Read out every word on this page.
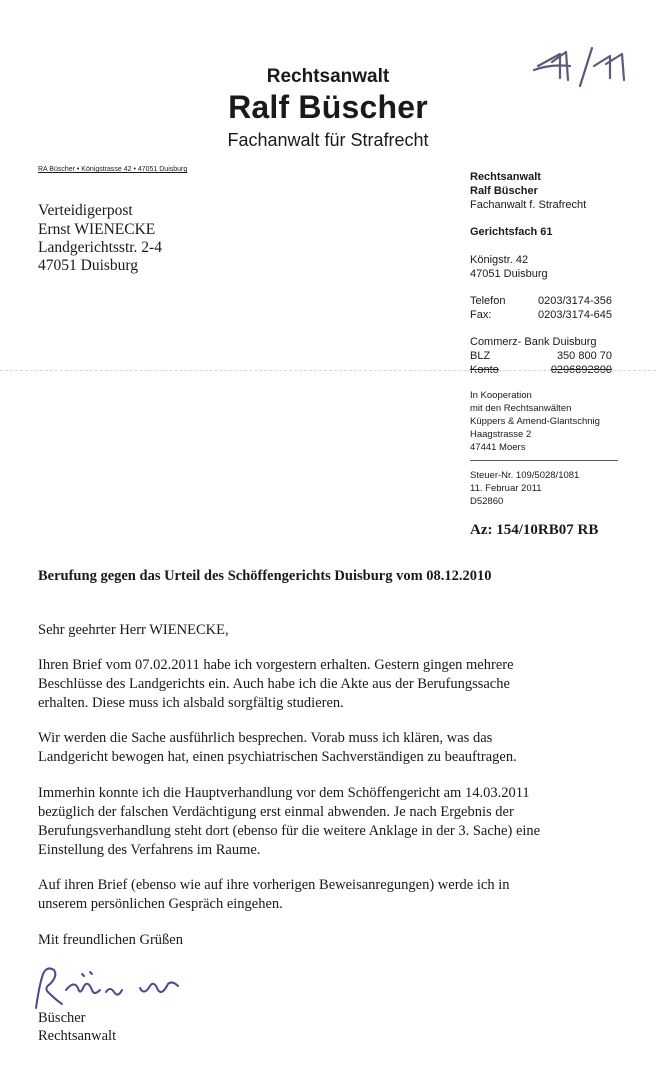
Rechtsanwalt
Ralf Büscher
Fachanwalt für Strafrecht
RA Büscher • Königstrasse 42 • 47051 Duisburg
Verteidigerpost
Ernst WIENECKE
Landgerichtsstr. 2-4
47051 Duisburg
Rechtsanwalt
Ralf Büscher
Fachanwalt f. Strafrecht
Gerichtsfach 61
Königstr. 42
47051 Duisburg
Telefon	0203/3174-356
Fax:	0203/3174-645
Commerz- Bank Duisburg
BLZ	350 800 70
Konto	0206892800
In Kooperation
mit den Rechtsanwälten
Küppers & Amend-Glantschnig
Haagstrasse 2
47441 Moers
Steuer-Nr. 109/5028/1081
11. Februar 2011
D52860
Az: 154/10RB07 RB
Berufung gegen das Urteil des Schöffengerichts Duisburg vom 08.12.2010
Sehr geehrter Herr WIENECKE,
Ihren Brief vom 07.02.2011 habe ich vorgestern erhalten. Gestern gingen mehrere
Beschlüsse des Landgerichts ein. Auch habe ich die Akte aus der Berufungssache
erhalten. Diese muss ich alsbald sorgfältig studieren.
Wir werden die Sache ausführlich besprechen. Vorab muss ich klären, was das
Landgericht bewogen hat, einen psychiatrischen Sachverständigen zu beauftragen.
Immerhin konnte ich die Hauptverhandlung vor dem Schöffengericht am 14.03.2011
bezüglich der falschen Verdächtigung erst einmal abwenden. Je nach Ergebnis der
Berufungsverhandlung steht dort (ebenso für die weitere Anklage in der 3. Sache) eine
Einstellung des Verfahrens im Raume.
Auf ihren Brief (ebenso wie auf ihre vorherigen Beweisanregungen) werde ich in
unserem persönlichen Gespräch eingehen.
Mit freundlichen Grüßen
Büscher
Rechtsanwalt
